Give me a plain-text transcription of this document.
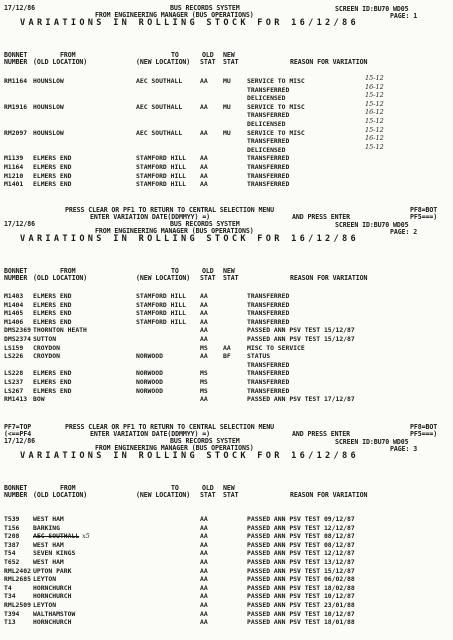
17/12/86	BUS RECORDS SYSTEM	SCREEN ID:BU70 WD05
FROM ENGINEERING MANAGER (BUS OPERATIONS)	PAGE: 1
VARIATIONS IN ROLLING STOCK FOR 16/12/86
BONNET	FROM	TO	OLD NEW
NUMBER (OLD LOCATION)	(NEW LOCATION) STAT STAT	REASON FOR VARIATION
RM1164 HOUNSLOW	AEC SOUTHALL	AA MU	SERVICE TO MISC	15-12
TRANSFERRED	16-12
DELICENSED	15-12
RM1916 HOUNSLOW	AEC SOUTHALL	AA MU	SERVICE TO MISC	15-12
TRANSFERRED	16-12
DELICENSED	15-12
RM2097 HOUNSLOW	AEC SOUTHALL	AA MU	SERVICE TO MISC	15-12
TRANSFERRED	16-12
DELICENSED	15-12
M1139 ELMERS END	STAMFORD HILL AA	TRANSFERRED
M1164 ELMERS END	STAMFORD HILL AA	TRANSFERRED
M1210 ELMERS END	STAMFORD HILL AA	TRANSFERRED
M1401 ELMERS END	STAMFORD HILL AA	TRANSFERRED
PRESS CLEAR OR PF1 TO RETURN TO CENTRAL SELECTION MENU	PF8=BOT
ENTER VARIATION DATE(DDMMYY) =)	AND PRESS ENTER	PF5===)
17/12/86	BUS RECORDS SYSTEM	SCREEN ID:BU70 WD05
FROM ENGINEERING MANAGER (BUS OPERATIONS)	PAGE: 2
VARIATIONS IN ROLLING STOCK FOR 16/12/86
BONNET	FROM	TO	OLD NEW
NUMBER (OLD LOCATION)	(NEW LOCATION) STAT STAT	REASON FOR VARIATION
M1403 ELMERS END	STAMFORD HILL AA	TRANSFERRED
M1404 ELMERS END	STAMFORD HILL AA	TRANSFERRED
M1405 ELMERS END	STAMFORD HILL AA	TRANSFERRED
M1406 ELMERS END	STAMFORD HILL AA	TRANSFERRED
DMS2369 THORNTON HEATH	AA	PASSED ANN PSV TEST 15/12/87
DMS2374 SUTTON	AA	PASSED ANN PSV TEST 15/12/87
LS159 CROYDON	MS AA	MISC TO SERVICE
LS226 CROYDON	NORWOOD	AA BF	STATUS
TRANSFERRED
LS228 ELMERS END	NORWOOD	MS	TRANSFERRED
LS237 ELMERS END	NORWOOD	MS	TRANSFERRED
LS267 ELMERS END	NORWOOD	MS	TRANSFERRED
RM1413 BOW	AA	PASSED ANN PSV TEST 17/12/87
PF7=TOP
(<==PF4
PRESS CLEAR OR PF1 TO RETURN TO CENTRAL SELECTION MENU	PF8=BOT
ENTER VARIATION DATE(DDMMYY) =)	AND PRESS ENTER	PF5===)
17/12/86	BUS RECORDS SYSTEM	SCREEN ID:BU70 WD05
FROM ENGINEERING MANAGER (BUS OPERATIONS)	PAGE: 3
VARIATIONS IN ROLLING STOCK FOR 16/12/86
BONNET	FROM	TO	OLD NEW
NUMBER (OLD LOCATION)	(NEW LOCATION) STAT STAT	REASON FOR VARIATION
T539 WEST HAM	AA	PASSED ANN PSV TEST 09/12/87
T156 BARKING	AA	PASSED ANN PSV TEST 12/12/87
T208 AEC SOUTHALL	AA	PASSED ANN PSV TEST 08/12/87
x5
T387 WEST HAM	AA	PASSED ANN PSV TEST 08/12/87
T54	SEVEN KINGS	AA	PASSED ANN PSV TEST 12/12/87
T652 WEST HAM	AA	PASSED ANN PSV TEST 13/12/87
RML2402 UPTON PARK	AA	PASSED ANN PSV TEST 15/12/87
RML2685 LEYTON	AA	PASSED ANN PSV TEST 06/02/88
T4	HORNCHURCH	AA	PASSED ANN PSV TEST 18/02/88
T34	HORNCHURCH	AA	PASSED ANN PSV TEST 10/12/87
RML2509 LEYTON	AA	PASSED ANN PSV TEST 23/01/88
T394 WALTHAMSTOW	AA	PASSED ANN PSV TEST 10/12/87
T13	HORNCHURCH	AA	PASSED ANN PSV TEST 18/01/88
